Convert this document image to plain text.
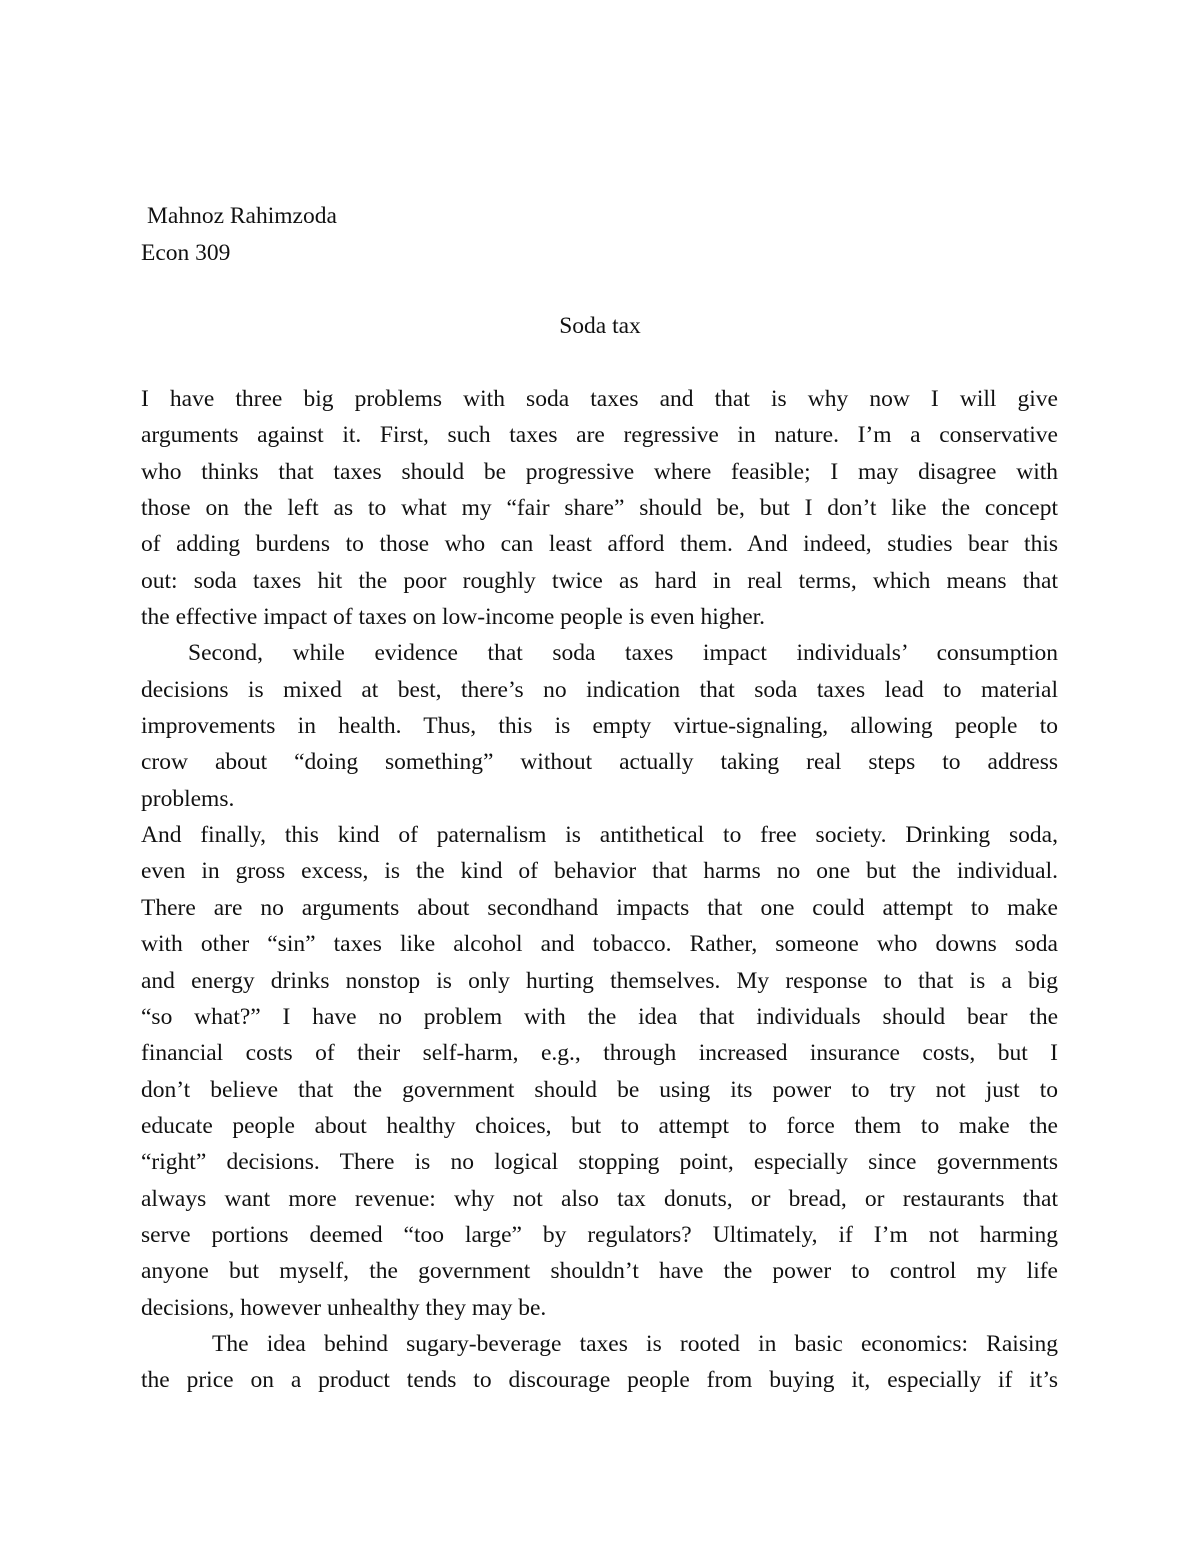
Mahnoz Rahimzoda
Econ 309
Soda tax
I have three big problems with soda taxes and that is why now I will give
arguments against it. First, such taxes are regressive in nature. I’m a conservative
who thinks that taxes should be progressive where feasible; I may disagree with
those on the left as to what my “fair share” should be, but I don’t like the concept
of adding burdens to those who can least afford them. And indeed, studies bear this
out: soda taxes hit the poor roughly twice as hard in real terms, which means that
the effective impact of taxes on low-income people is even higher.
Second, while evidence that soda taxes impact individuals’ consumption
decisions is mixed at best, there’s no indication that soda taxes lead to material
improvements in health. Thus, this is empty virtue-signaling, allowing people to
crow about “doing something” without actually taking real steps to address
problems.
And finally, this kind of paternalism is antithetical to free society. Drinking soda,
even in gross excess, is the kind of behavior that harms no one but the individual.
There are no arguments about secondhand impacts that one could attempt to make
with other “sin” taxes like alcohol and tobacco. Rather, someone who downs soda
and energy drinks nonstop is only hurting themselves. My response to that is a big
“so what?” I have no problem with the idea that individuals should bear the
financial costs of their self-harm, e.g., through increased insurance costs, but I
don’t believe that the government should be using its power to try not just to
educate people about healthy choices, but to attempt to force them to make the
“right” decisions. There is no logical stopping point, especially since governments
always want more revenue: why not also tax donuts, or bread, or restaurants that
serve portions deemed “too large” by regulators? Ultimately, if I’m not harming
anyone but myself, the government shouldn’t have the power to control my life
decisions, however unhealthy they may be.
The idea behind sugary-beverage taxes is rooted in basic economics: Raising
the price on a product tends to discourage people from buying it, especially if it’s
